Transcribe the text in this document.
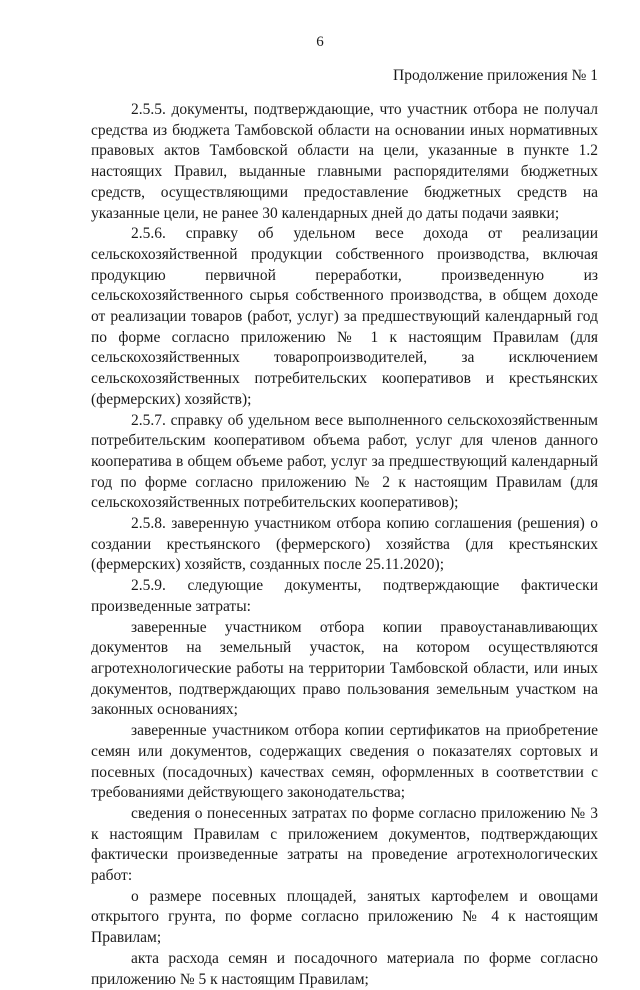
6
Продолжение приложения № 1

2.5.5. документы, подтверждающие, что участник отбора не получал средства из бюджета Тамбовской области на основании иных нормативных правовых актов Тамбовской области на цели, указанные в пункте 1.2 настоящих Правил, выданные главными распорядителями бюджетных средств, осуществляющими предоставление бюджетных средств на указанные цели, не ранее 30 календарных дней до даты подачи заявки;

2.5.6. справку об удельном весе дохода от реализации сельскохозяйственной продукции собственного производства, включая продукцию первичной переработки, произведенную из сельскохозяйственного сырья собственного производства, в общем доходе от реализации товаров (работ, услуг) за предшествующий календарный год по форме согласно приложению № 1 к настоящим Правилам (для сельскохозяйственных товаропроизводителей, за исключением сельскохозяйственных потребительских кооперативов и крестьянских (фермерских) хозяйств);

2.5.7. справку об удельном весе выполненного сельскохозяйственным потребительским кооперативом объема работ, услуг для членов данного кооператива в общем объеме работ, услуг за предшествующий календарный год по форме согласно приложению № 2 к настоящим Правилам (для сельскохозяйственных потребительских кооперативов);

2.5.8. заверенную участником отбора копию соглашения (решения) о создании крестьянского (фермерского) хозяйства (для крестьянских (фермерских) хозяйств, созданных после 25.11.2020);

2.5.9. следующие документы, подтверждающие фактически произведенные затраты:

заверенные участником отбора копии правоустанавливающих документов на земельный участок, на котором осуществляются агротехнологические работы на территории Тамбовской области, или иных документов, подтверждающих право пользования земельным участком на законных основаниях;

заверенные участником отбора копии сертификатов на приобретение семян или документов, содержащих сведения о показателях сортовых и посевных (посадочных) качествах семян, оформленных в соответствии с требованиями действующего законодательства;

сведения о понесенных затратах по форме согласно приложению № 3 к настоящим Правилам с приложением документов, подтверждающих фактически произведенные затраты на проведение агротехнологических работ:

о размере посевных площадей, занятых картофелем и овощами открытого грунта, по форме согласно приложению № 4 к настоящим Правилам;

акта расхода семян и посадочного материала по форме согласно приложению № 5 к настоящим Правилам;
